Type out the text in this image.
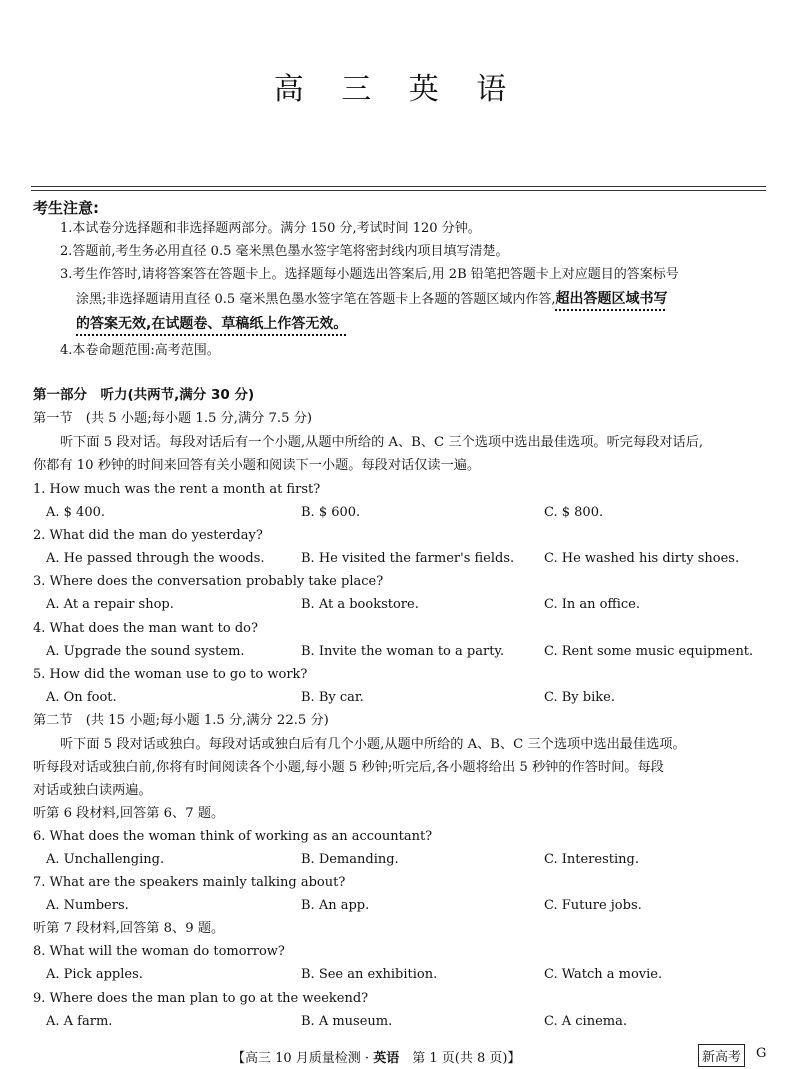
高 三 英 语
考生注意:
1.本试卷分选择题和非选择题两部分。满分 150 分,考试时间 120 分钟。
2.答题前,考生务必用直径 0.5 毫米黑色墨水签字笔将密封线内项目填写清楚。
3.考生作答时,请将答案答在答题卡上。选择题每小题选出答案后,用 2B 铅笔把答题卡上对应题目的答案标号
涂黑;非选择题请用直径 0.5 毫米黑色墨水签字笔在答题卡上各题的答题区域内作答,超出答题区域书写
的答案无效,在试题卷、草稿纸上作答无效。
4.本卷命题范围:高考范围。
第一部分　听力(共两节,满分 30 分)
第一节　(共 5 小题;每小题 1.5 分,满分 7.5 分)
听下面 5 段对话。每段对话后有一个小题,从题中所给的 A、B、C 三个选项中选出最佳选项。听完每段对话后,
你都有 10 秒钟的时间来回答有关小题和阅读下一小题。每段对话仅读一遍。
1. How much was the rent a month at first?
A. $ 400.	B. $ 600.	C. $ 800.
2. What did the man do yesterday?
A. He passed through the woods.	B. He visited the farmer's fields. C. He washed his dirty shoes.
3. Where does the conversation probably take place?
A. At a repair shop.	B. At a bookstore.	C. In an office.
4. What does the man want to do?
A. Upgrade the sound system.	B. Invite the woman to a party.	C. Rent some music equipment.
5. How did the woman use to go to work?
A. On foot.	B. By car.	C. By bike.
第二节　(共 15 小题;每小题 1.5 分,满分 22.5 分)
听下面 5 段对话或独白。每段对话或独白后有几个小题,从题中所给的 A、B、C 三个选项中选出最佳选项。
听每段对话或独白前,你将有时间阅读各个小题,每小题 5 秒钟;听完后,各小题将给出 5 秒钟的作答时间。每段
对话或独白读两遍。
听第 6 段材料,回答第 6、7 题。
6. What does the woman think of working as an accountant?
A. Unchallenging.	B. Demanding.	C. Interesting.
7. What are the speakers mainly talking about?
A. Numbers.	B. An app.	C. Future jobs.
听第 7 段材料,回答第 8、9 题。
8. What will the woman do tomorrow?
A. Pick apples.	B. See an exhibition.	C. Watch a movie.
9. Where does the man plan to go at the weekend?
A. A farm.	B. A museum.	C. A cinema.
【高三 10 月质量检测 · 英语　第 1 页(共 8 页)】	新高考	G
